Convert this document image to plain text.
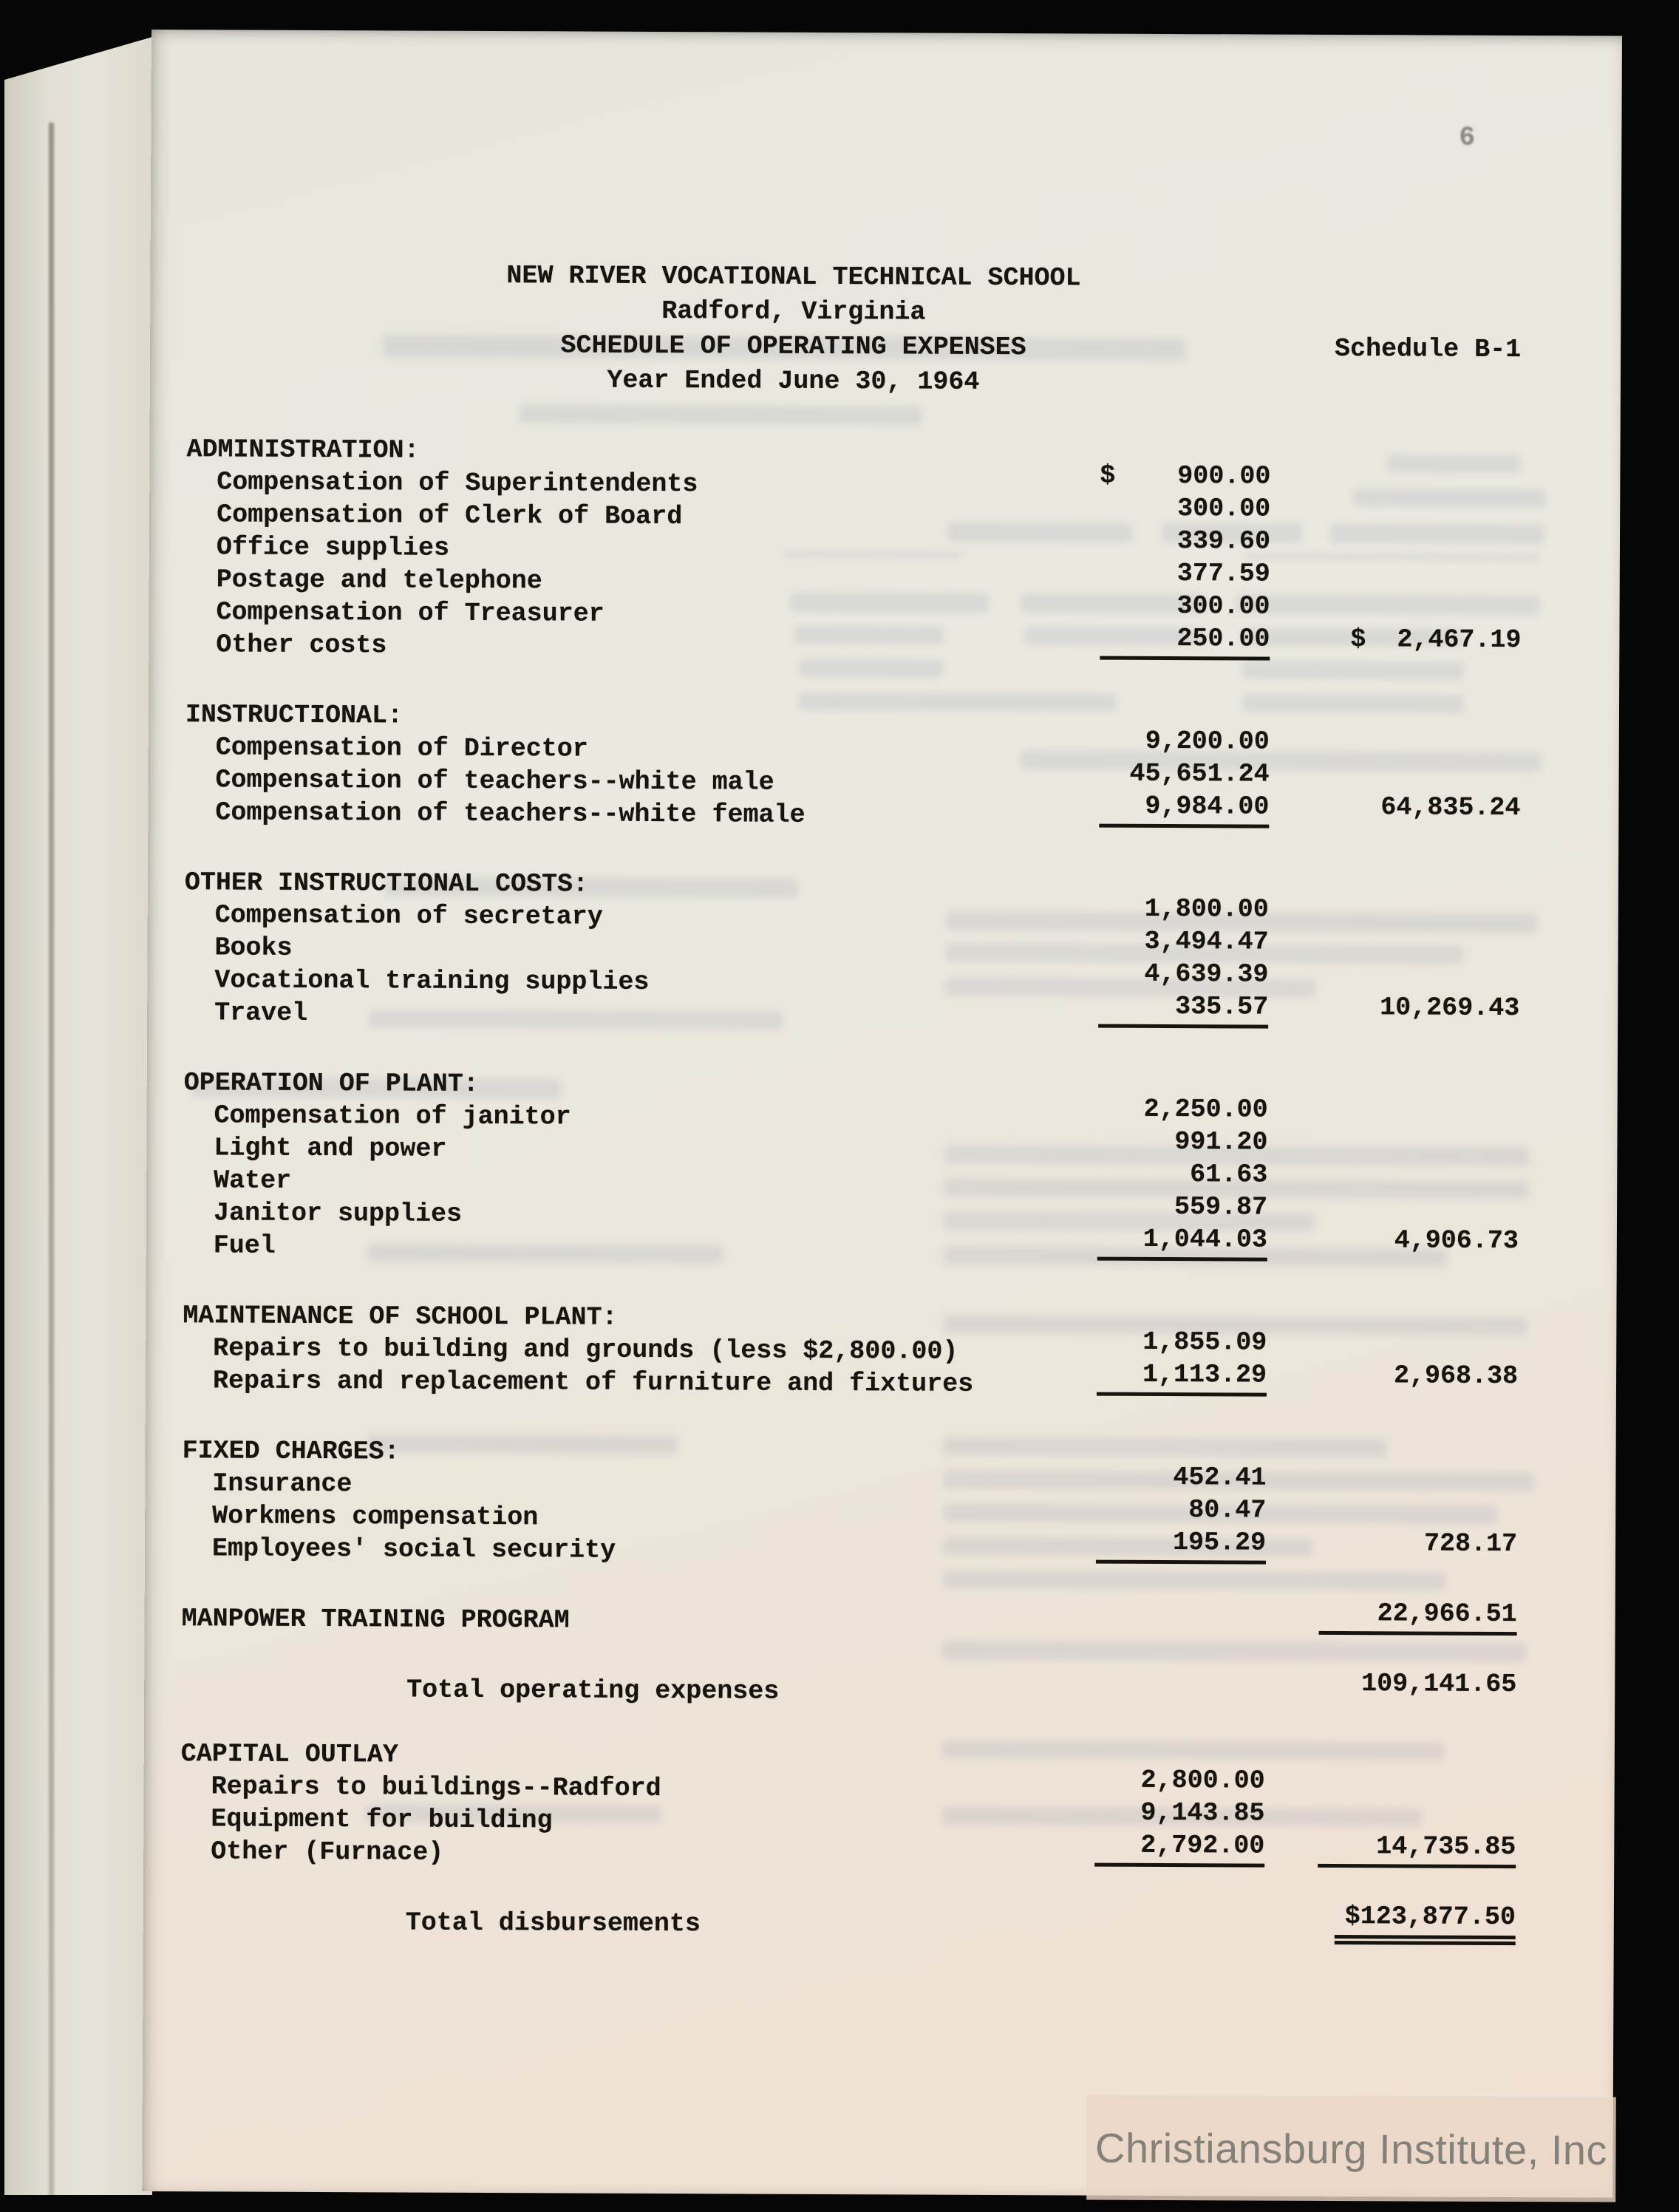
6
NEW RIVER VOCATIONAL TECHNICAL SCHOOL
Radford, Virginia
SCHEDULE OF OPERATING EXPENSES
Year Ended June 30, 1964
Schedule B-1
ADMINISTRATION:
Compensation of Superintendents	$    900.00
Compensation of Clerk of Board	300.00
Office supplies	339.60
Postage and telephone	377.59
Compensation of Treasurer	300.00
Other costs	250.00	$  2,467.19
INSTRUCTIONAL:
Compensation of Director	9,200.00
Compensation of teachers--white male	45,651.24
Compensation of teachers--white female	9,984.00	64,835.24
OTHER INSTRUCTIONAL COSTS:
Compensation of secretary	1,800.00
Books	3,494.47
Vocational training supplies	4,639.39
Travel	335.57	10,269.43
OPERATION OF PLANT:
Compensation of janitor	2,250.00
Light and power	991.20
Water	61.63
Janitor supplies	559.87
Fuel	1,044.03	4,906.73
MAINTENANCE OF SCHOOL PLANT:
Repairs to building and grounds (less $2,800.00)	1,855.09
Repairs and replacement of furniture and fixtures	1,113.29	2,968.38
FIXED CHARGES:
Insurance	452.41
Workmens compensation	80.47
Employees' social security	195.29	728.17
MANPOWER TRAINING PROGRAM	22,966.51
Total operating expenses	109,141.65
CAPITAL OUTLAY
Repairs to buildings--Radford	2,800.00
Equipment for building	9,143.85
Other (Furnace)	2,792.00	14,735.85
Total disbursements	$123,877.50
Christiansburg Institute, Inc
